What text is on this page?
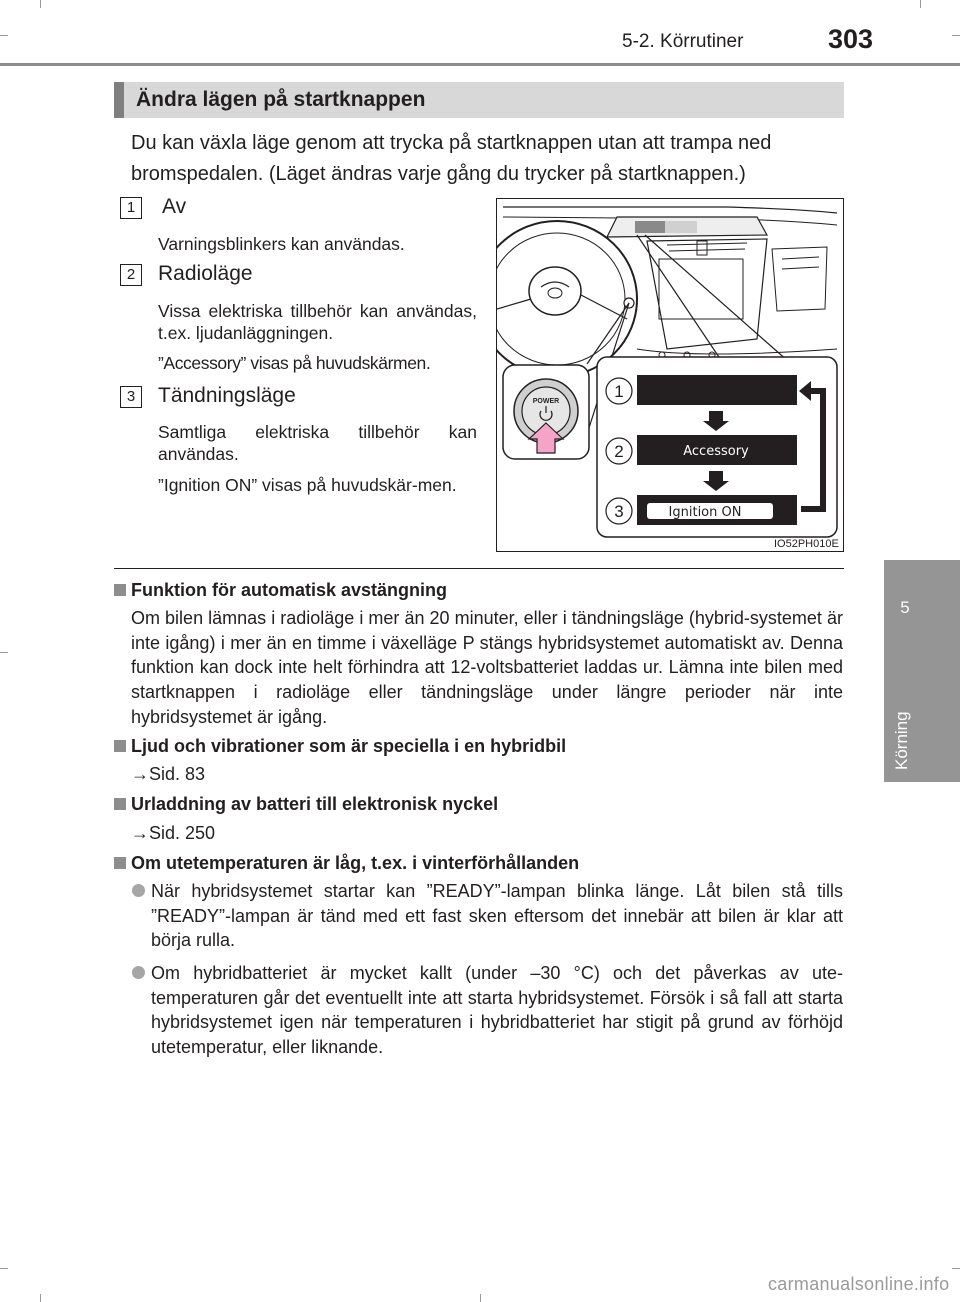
5-2. Körrutiner	303
5
Körning
Ändra lägen på startknappen
Du kan växla läge genom att trycka på startknappen utan att trampa ned
bromspedalen. (Läget ändras varje gång du trycker på startknappen.)
1	Av
Varningsblinkers kan användas.
2	Radioläge
Vissa elektriska tillbehör kan användas, t.ex. ljudanläggningen.
”Accessory” visas på huvudskärmen.
3	Tändningsläge
Samtliga elektriska tillbehör kan användas.
”Ignition ON” visas på huvudskär-men.
POWER
1
2
3
Accessory
Ignition ON
IO52PH010E
Funktion för automatisk avstängning
Om bilen lämnas i radioläge i mer än 20 minuter, eller i tändningsläge (hybrid-systemet är inte igång) i mer än en timme i växelläge P stängs hybridsystemet automatiskt av. Denna funktion kan dock inte helt förhindra att 12-voltsbatteriet laddas ur. Lämna inte bilen med startknappen i radioläge eller tändningsläge under längre perioder när inte hybridsystemet är igång.
Ljud och vibrationer som är speciella i en hybridbil
→Sid. 83
Urladdning av batteri till elektronisk nyckel
→Sid. 250
Om utetemperaturen är låg, t.ex. i vinterförhållanden
När hybridsystemet startar kan ”READY”-lampan blinka länge. Låt bilen stå tills ”READY”-lampan är tänd med ett fast sken eftersom det innebär att bilen är klar att börja rulla.
Om hybridbatteriet är mycket kallt (under –30 °C) och det påverkas av ute-temperaturen går det eventuellt inte att starta hybridsystemet. Försök i så fall att starta hybridsystemet igen när temperaturen i hybridbatteriet har stigit på grund av förhöjd utetemperatur, eller liknande.
carmanualsonline.info
